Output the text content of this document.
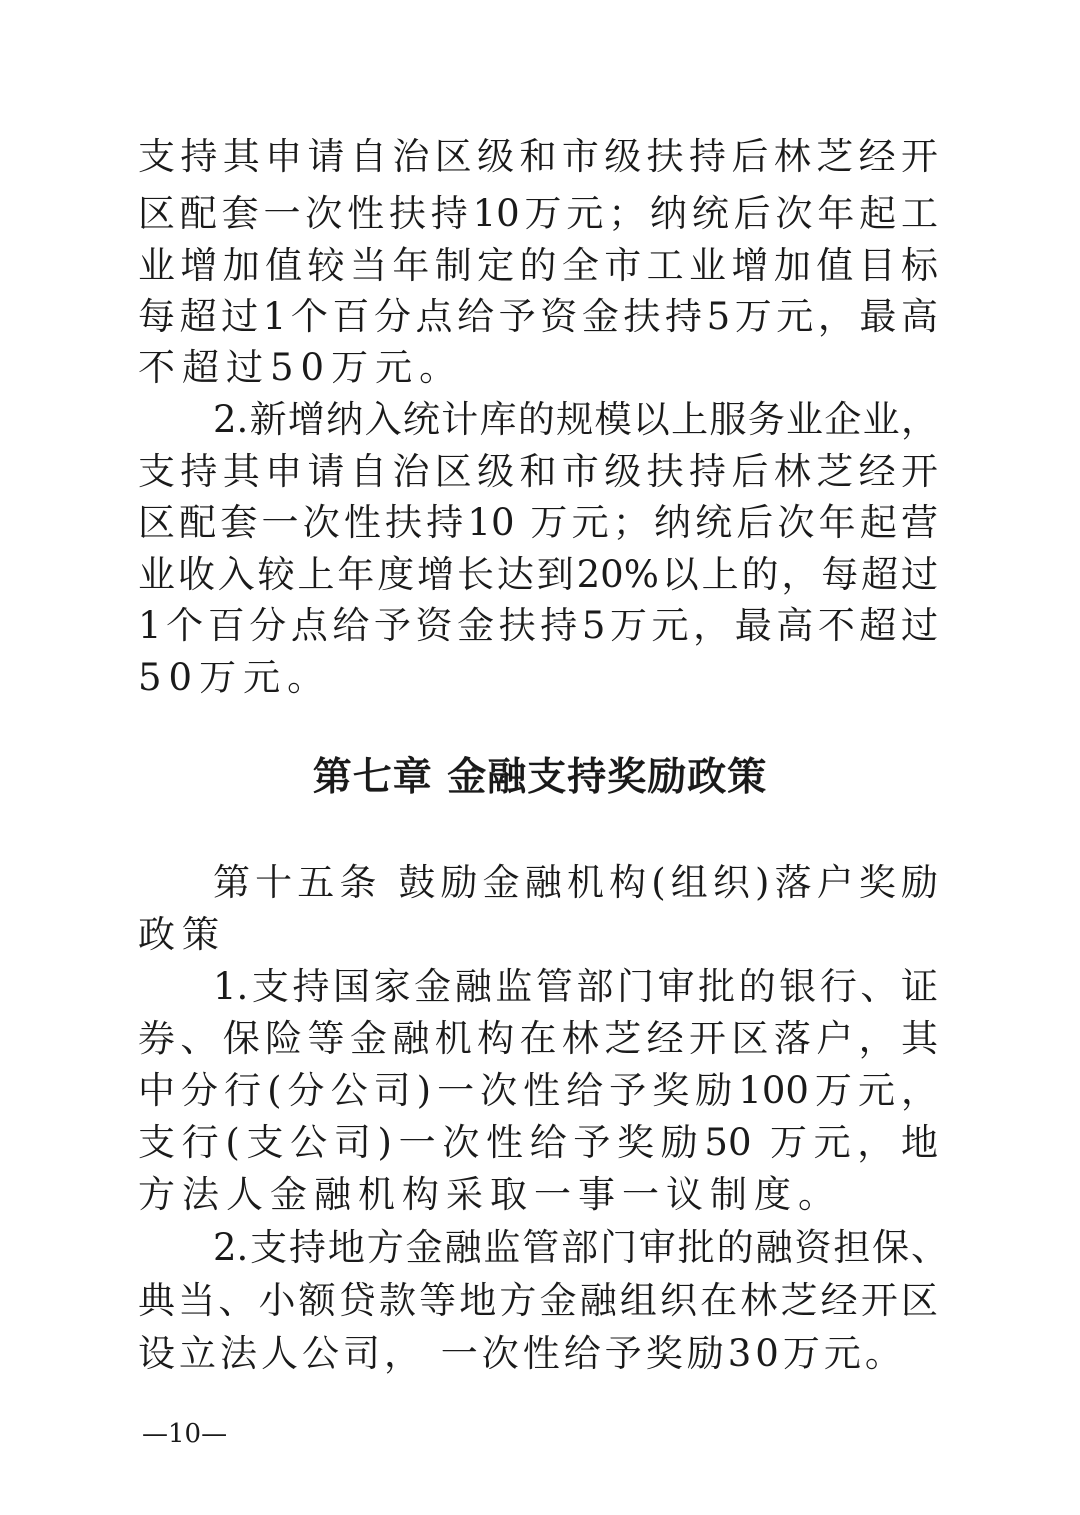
支持其申请自治区级和市级扶持后林芝经开
区配套一次性扶持10万元；纳统后次年起工
业增加值较当年制定的全市工业增加值目标
每超过1个百分点给予资金扶持5万元，最高
不超过50万元。
2.新增纳入统计库的规模以上服务业企业，
支持其申请自治区级和市级扶持后林芝经开
区配套一次性扶持10 万元；纳统后次年起营
业收入较上年度增长达到20%以上的，每超过
1个百分点给予资金扶持5万元，最高不超过
50万元。
第七章 金融支持奖励政策
第十五条 鼓励金融机构(组织)落户奖励
政策
1.支持国家金融监管部门审批的银行、证
券、保险等金融机构在林芝经开区落户，其
中分行(分公司)一次性给予奖励100万元，
支行(支公司)一次性给予奖励50 万元，地
方法人金融机构采取一事一议制度。
2.支持地方金融监管部门审批的融资担保、
典当、小额贷款等地方金融组织在林芝经开区
设立法人公司， 一次性给予奖励30万元。
—10—
